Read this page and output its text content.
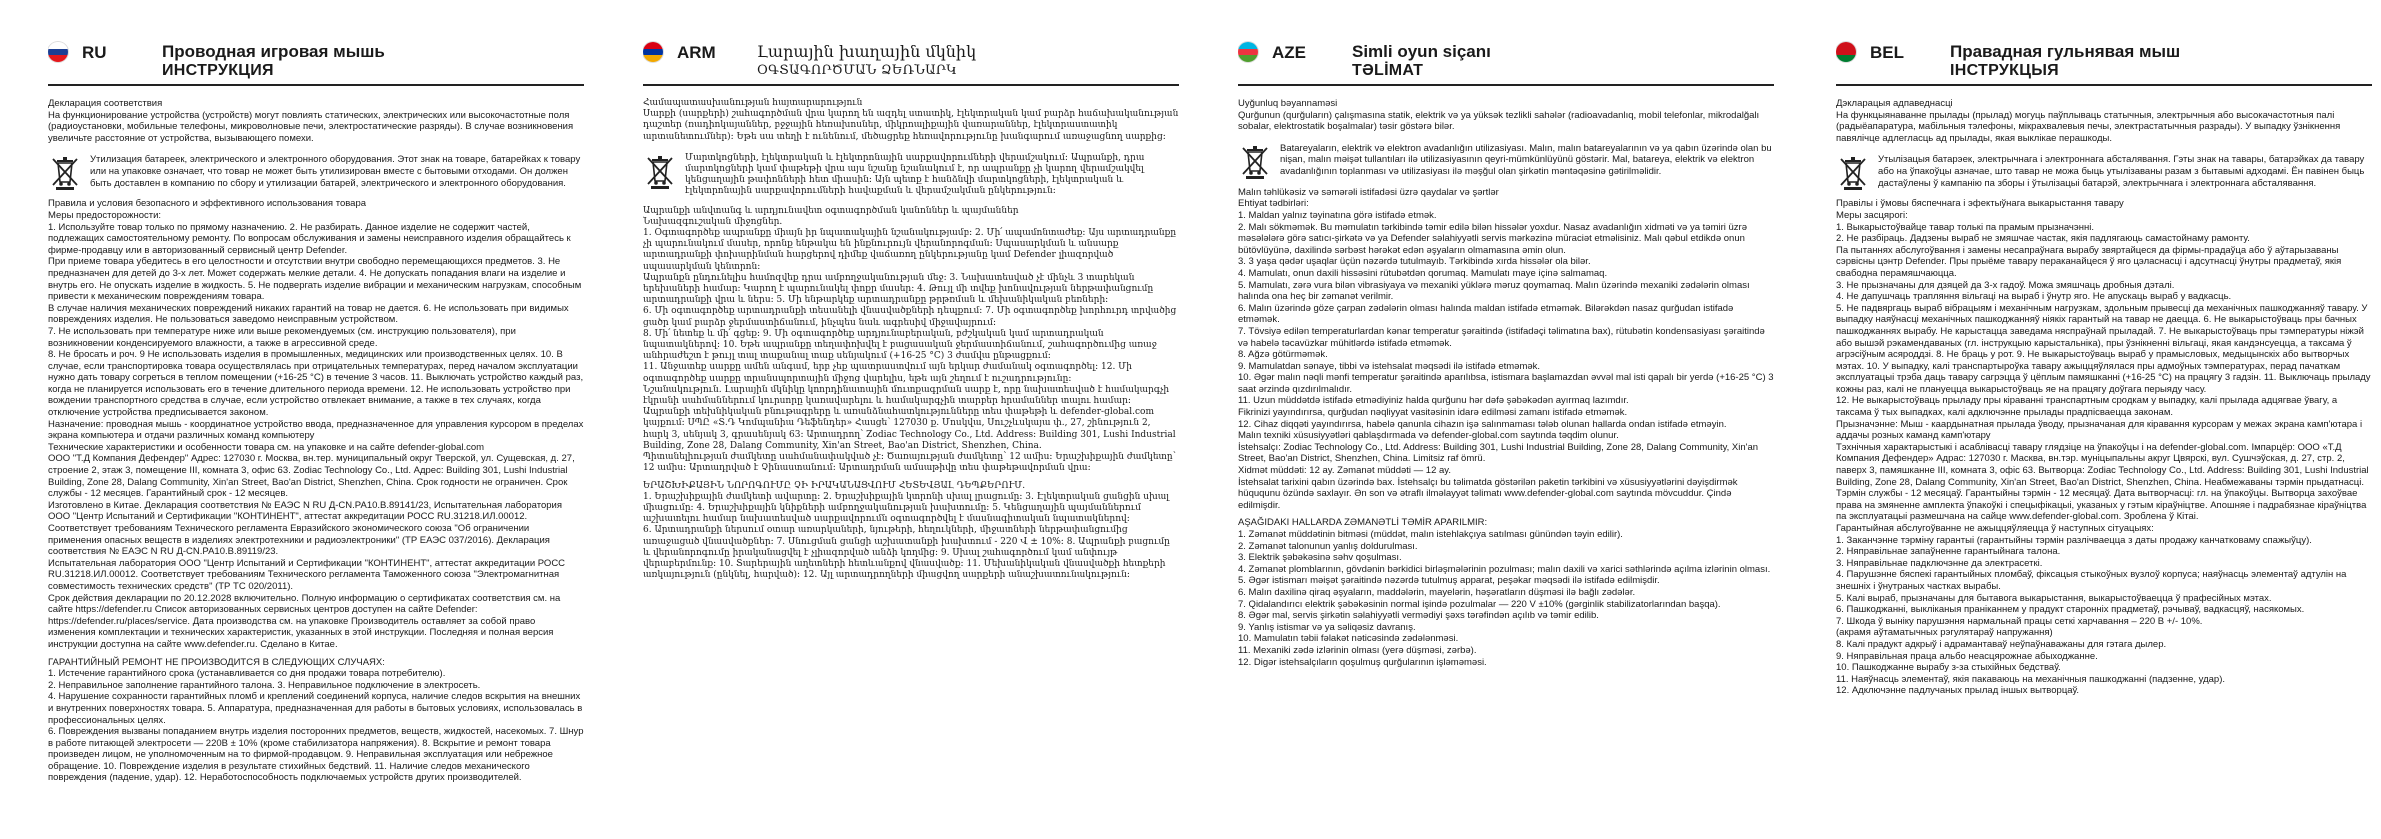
RU	Проводная игровая мышь
ИНСТРУКЦИЯ

Декларация соответствия

На функционирование устройства (устройств) могут повлиять статических, электрических или высокочастотные поля (радиоустановки, мобильные телефоны, микроволновые печи, электростатические разряды). В случае возникновения увеличьте расстояние от устройства, вызывающего помехи.

Утилизация батареек, электрического и электронного оборудования. Этот знак на товаре, батарейках к товару или на упаковке означает, что товар не может быть утилизирован вместе с бытовыми отходами. Он должен быть доставлен в компанию по сбору и утилизации батарей, электрического и электронного оборудования.

Правила и условия безопасного и эффективного использования товара

Меры предосторожности:

1. Используйте товар только по прямому назначению. 2. Не разбирать. Данное изделие не содержит частей, подлежащих самостоятельному ремонту. По вопросам обслуживания и замены неисправного изделия обращайтесь к фирме-продавцу или в авторизованный сервисный центр Defender.

При приеме товара убедитесь в его целостности и отсутствии внутри свободно перемещающихся предметов. 3. Не предназначен для детей до 3-х лет. Может содержать мелкие детали. 4. Не допускать попадания влаги на изделие и внутрь его. Не опускать изделие в жидкость. 5. Не подвергать изделие вибрации и механическим нагрузкам, способным привести к механическим повреждениям товара.

В случае наличия механических повреждений никаких гарантий на товар не дается. 6. Не использовать при видимых повреждениях изделия. Не пользоваться заведомо неисправным устройством.

7. Не использовать при температуре ниже или выше рекомендуемых (см. инструкцию пользователя), при возникновении конденсируемого влажности, а также в агрессивной среде.

8. Не бросать и роч. 9 Не использовать изделия в промышленных, медицинских или производственных целях. 10. В случае, если транспортировка товара осуществлялась при отрицательных температурах, перед началом эксплуатации нужно дать товару согреться в теплом помещении (+16-25 °C) в течение 3 часов. 11. Выключать устройство каждый раз, когда не планируется использовать его в течение длительного периода времени. 12. Не использовать устройство при вождении транспортного средства в случае, если устройство отвлекает внимание, а также в тех случаях, когда отключение устройства предписывается законом.

Назначение: проводная мышь - координатное устройство ввода, предназначенное для управления курсором в пределах экрана компьютера и отдачи различных команд компьютеру

Технические характеристики и особенности товара см. на упаковке и на сайте defender-global.com

ООО "Т.Д Компания Дефендер" Адрес: 127030 г. Москва, вн.тер. муниципальный округ Тверской, ул. Сущевская, д. 27, строение 2, этаж 3, помещение III, комната 3, офис 63. Zodiac Technology Co., Ltd. Адрес: Building 301, Lushi Industrial Building, Zone 28, Dalang Community, Xin'an Street, Bao'an District, Shenzhen, China. Срок годности не ограничен. Срок службы - 12 месяцев. Гарантийный срок - 12 месяцев.

Изготовлено в Китае. Декларация соответствия № ЕАЭС N RU Д-CN.РА10.В.89141/23, Испытательная лаборатория ООО "Центр Испытаний и Сертификации "КОНТИНЕНТ", аттестат аккредитации РОСС RU.31218.ИЛ.00012. Соответствует требованиям Технического регламента Евразийского экономического союза "Об ограничении применения опасных веществ в изделиях электротехники и радиоэлектроники" (ТР ЕАЭС 037/2016). Декларация соответствия № ЕАЭС N RU Д-CN.РА10.В.89119/23.

Испытательная лаборатория ООО "Центр Испытаний и Сертификации "КОНТИНЕНТ", аттестат аккредитации РОСС RU.31218.ИЛ.00012. Соответствует требованиям Технического регламента Таможенного союза "Электромагнитная совместимость технических средств" (ТР ТС 020/2011).

Срок действия декларации по 20.12.2028 включительно. Полную информацию о сертификатах соответствия см. на сайте https://defender.ru Список авторизованных сервисных центров доступен на сайте Defender: https://defender.ru/places/service. Дата производства см. на упаковке Производитель оставляет за собой право изменения комплектации и технических характеристик, указанных в этой инструкции. Последняя и полная версия инструкции доступна на сайте www.defender.ru. Сделано в Китае.

ГАРАНТИЙНЫЙ РЕМОНТ НЕ ПРОИЗВОДИТСЯ В СЛЕДУЮЩИХ СЛУЧАЯХ:

1. Истечение гарантийного срока (устанавливается со дня продажи товара потребителю).

2. Неправильное заполнение гарантийного талона. 3. Неправильное подключение в электросеть.

4. Нарушение сохранности гарантийных пломб и креплений соединений корпуса, наличие следов вскрытия на внешних и внутренних поверхностях товара. 5. Аппаратура, предназначенная для работы в бытовых условиях, использовалась в профессиональных целях.

6. Повреждения вызваны попаданием внутрь изделия посторонних предметов, веществ, жидкостей, насекомых. 7. Шнур в работе питающей электросети — 220В ± 10% (кроме стабилизатора напряжения). 8. Вскрытие и ремонт товара произведен лицом, не уполномоченным на то фирмой-продавцом. 9. Неправильная эксплуатация или небрежное обращение. 10. Повреждение изделия в результате стихийных бедствий. 11. Наличие следов механического повреждения (падение, удар). 12. Неработоспособность подключаемых устройств других производителей.

ARM	Լարային խաղային մկնիկ
ՕԳՏԱԳՈՐԾՄԱՆ ՁԵՌՆԱՐԿ

Համապատասխանության հայտարարություն

Սարքի (սարքերի) շահագործման վրա կարող են ազդել ստատիկ, էլեկտրական կամ բարձր հաճախականության դաշտեր (ռադիոկայաններ, բջջային հեռախոսներ, միկրոալիքային վառարաններ, էլեկտրաստատիկ արտանետումներ)։ Եթե սա տեղի է ունենում, մեծացրեք հեռավորությունը խանգարում առաջացնող սարքից։

Մարտկոցների, էլեկտրական և էլեկտրոնային սարքավորումների վերամշակում։ Ապրանքի, դրա մարտկոցների կամ փաթեթի վրա այս նշանը նշանակում է, որ ապրանքը չի կարող վերամշակվել կենցաղային թափոնների հետ միասին։ Այն պետք է հանձնվի մարտկոցների, էլեկտրական և էլեկտրոնային սարքավորումների հավաքման և վերամշակման ընկերություն։

Ապրանքի անվտանգ և արդյունավետ օգտագործման կանոններ և պայմաններ

Նախազգուշական միջոցներ.

1. Օգտագործեք ապրանքը միայն իր նպատակային նշանակությամբ։ 2. Մի՛ ապամոնտաժեք։ Այս արտադրանքը չի պարունակում մասեր, որոնք ենթակա են ինքնուրույն վերանորոգման։ Սպասարկման և անսարք արտադրանքի փոխարինման հարցերով դիմեք վաճառող ընկերությանը կամ Defender լիազորված սպասարկման կենտրոն։

Ապրանքն ընդունելիս համոզվեք դրա ամբողջականության մեջ։ 3. Նախատեսված չէ մինչև 3 տարեկան երեխաների համար։ Կարող է պարունակել փոքր մասեր։ 4. Թույլ մի տվեք խոնավության ներթափանցումը արտադրանքի վրա և ներս։ 5. Մի ենթարկեք արտադրանքը թրթռման և մեխանիկական բեռների։

6. Մի օգտագործեք արտադրանքի տեսանելի վնասվածքների դեպքում։ 7. Մի օգտագործեք խորհուրդ տրվածից ցածր կամ բարձր ջերմաստիճանում, ինչպես նաև ագրեսիվ միջավայրում։

8. Մի՛ նետեք և մի՛ գցեք։ 9. Մի օգտագործեք արդյունաբերական, բժշկական կամ արտադրական նպատակներով։ 10. Եթե ապրանքը տեղափոխվել է բացասական ջերմաստիճանում, շահագործումից առաջ անհրաժեշտ է թույլ տալ տաքանալ տաք սենյակում (+16-25 °C) 3 ժամվա ընթացքում։

11. Անջատեք սարքը ամեն անգամ, երբ չեք պատրաստվում այն երկար ժամանակ օգտագործել։ 12. Մի օգտագործեք սարքը տրանսպորտային միջոց վարելիս, եթե այն շեղում է ուշադրությունը։

Նշանակություն. Լարային մկնիկը կոորդինատային մուտքագրման սարք է, որը նախատեսված է համակարգչի էկրանի սահմաններում կուրսորը կառավարելու և համակարգչին տարբեր հրամաններ տալու համար։

Ապրանքի տեխնիկական բնութագրերը և առանձնահատկությունները տես փաթեթի և defender-global.com կայքում։ ՍՊԸ «Տ.Դ Կոմպանիա Դեֆենդեր» Հասցե՝ 127030 ք. Մոսկվա, Սուշչևսկայա փ., 27, շինություն 2, հարկ 3, սենյակ 3, գրասենյակ 63։ Արտադրող՝ Zodiac Technology Co., Ltd. Address: Building 301, Lushi Industrial Building, Zone 28, Dalang Community, Xin'an Street, Bao'an District, Shenzhen, China.

Պիտանելիության ժամկետը սահմանափակված չէ։ Ծառայության ժամկետը՝ 12 ամիս։ Երաշխիքային ժամկետը՝ 12 ամիս։ Արտադրված է Չինաստանում։ Արտադրման ամսաթիվը տես փաթեթավորման վրա։

ԵՐԱՇԽԻՔԱՅԻՆ ՆՈՐՈԳՈՒՄԸ ՉԻ ԻՐԱԿԱՆԱՑՎՈՒՄ ՀԵՏԵՎՅԱԼ ԴԵՊՔԵՐՈՒՄ.

1. Երաշխիքային ժամկետի ավարտը։ 2. Երաշխիքային կտրոնի սխալ լրացումը։ 3. Էլեկտրական ցանցին սխալ միացումը։ 4. Երաշխիքային կնիքների ամբողջականության խախտումը։ 5. Կենցաղային պայմաններում աշխատելու համար նախատեսված սարքավորումն օգտագործվել է մասնագիտական նպատակներով։

6. Արտադրանքի ներսում օտար առարկաների, նյութերի, հեղուկների, միջատների ներթափանցումից առաջացած վնասվածքներ։ 7. Սնուցման ցանցի աշխատանքի խախտում - 220 Վ ± 10%։ 8. Ապրանքի բացումը և վերանորոգումը իրականացվել է չլիազորված անձի կողմից։ 9. Սխալ շահագործում կամ անփույթ վերաբերմունք։ 10. Տարերային աղետների հետևանքով վնասվածք։ 11. Մեխանիկական վնասվածքի հետքերի առկայություն (ընկնել, հարված)։ 12. Այլ արտադրողների միացվող սարքերի անաշխատունակություն։

AZE	Simli oyun siçanı
TƏLİMAT

Uyğunluq bəyannaməsi

Qurğunun (qurğuların) çalışmasına statik, elektrik və ya yüksək tezlikli sahələr (radioavadanlıq, mobil telefonlar, mikrodalğalı sobalar, elektrostatik boşalmalar) təsir göstərə bilər.

Batareyaların, elektrik və elektron avadanlığın utilizasiyası. Malın, malın batareyalarının və ya qabın üzərində olan bu nişan, malın məişət tullantıları ilə utilizasiyasının qeyri-mümkünlüyünü göstərir. Mal, batareya, elektrik və elektron avadanlığının toplanması və utilizasiyası ilə məşğul olan şirkətin məntəqəsinə gətirilməlidir.

Malın təhlükəsiz və səmərəli istifadəsi üzrə qaydalar və şərtlər

Ehtiyat tədbirləri:

1. Maldan yalnız təyinatına görə istifadə etmək.

2. Malı sökməmək. Bu məmulatın tərkibində təmir edilə bilən hissələr yoxdur. Nasaz avadanlığın xidməti və ya təmiri üzrə məsələlərə görə satıcı-şirkətə və ya Defender səlahiyyətli servis mərkəzinə müraciət etməlisiniz. Malı qəbul etdikdə onun bütövlüyünə, daxilində sərbəst hərəkət edən əşyaların olmamasına əmin olun.

3. 3 yaşa qədər uşaqlar üçün nəzərdə tutulmayıb. Tərkibində xırda hissələr ola bilər.

4. Mamulatı, onun daxili hissəsini rütubətdən qorumaq. Mamulatı maye içinə salmamaq.

5. Mamulatı, zərə vura bilən vibrasiyaya və mexaniki yüklərə məruz qoymamaq. Malın üzərində mexaniki zədələrin olması halında ona heç bir zəmanət verilmir.

6. Malın üzərində göze çarpan zədələrin olması halında maldan istifadə etməmək. Bilərəkdən nasaz qurğudan istifadə etməmək.

7. Tövsiyə edilən temperaturlardan kənar temperatur şəraitində (istifadəçi təlimatına bax), rütubətin kondensasiyası şəraitində və habelə təcavüzkar mühitlərdə istifadə etməmək.

8. Ağzə götürməmək.

9. Mamulatdan sənaye, tibbi və istehsalat məqsədi ilə istifadə etməmək.

10. Əgər malın nəqli mənfi temperatur şəraitində aparılıbsa, istismara başlamazdan əvvəl mal isti qapalı bir yerdə (+16-25 °C) 3 saat ərzində qızdırılmalıdır.

11. Uzun müddətdə istifadə etmədiyiniz halda qurğunu hər dəfə şəbəkədən ayırmaq lazımdır.

Fikrinizi yayındırırsa, qurğudan nəqliyyat vasitəsinin idarə edilməsi zamanı istifadə etməmək.

12. Cihaz diqqəti yayındırırsa, habelə qanunla cihazın işə salınmaması tələb olunan hallarda ondan istifadə etməyin.

Malın texniki xüsusiyyətləri qablaşdırmada və defender-global.com saytında təqdim olunur.

İstehsalçı: Zodiac Technology Co., Ltd. Address: Building 301, Lushi Industrial Building, Zone 28, Dalang Community, Xin'an Street, Bao'an District, Shenzhen, China. Limitsiz raf ömrü.

Xidmət müddəti: 12 ay. Zəmanət müddəti — 12 ay.

İstehsalat tarixini qabın üzərində bax. İstehsalçı bu təlimatda göstərilən paketin tərkibini və xüsusiyyətlərini dəyişdirmək hüququnu özündə saxlayır. Ən son və ətraflı ilməlayyət təlimatı www.defender-global.com saytında mövcuddur. Çində edilmişdir.

AŞAĞIDAKI HALLARDA ZƏMANƏTLİ TƏMİR APARILMIR:

1. Zəmanət müddətinin bitməsi (müddət, malın istehlakçıya satılması günündən təyin edilir).

2. Zəmanət talonunun yanlış doldurulması.

3. Elektrik şəbəkəsinə səhv qoşulması.

4. Zəmanət plomblarının, gövdənin bərkidici birləşmələrinin pozulması; malın daxili və xarici səthlərində açılma izlərinin olması.

5. Əgər istismarı məişət şəraitində nəzərdə tutulmuş apparat, peşəkar məqsədi ilə istifadə edilmişdir.

6. Malın daxilinə qiraq əşyaların, maddələrin, mayelərin, həşəratların düşməsi ilə bağlı zədələr.

7. Qidalandırıcı elektrik şəbəkəsinin normal işində pozulmalar — 220 V ±10% (gərginlik stabilizatorlarından başqa).

8. Əgər mal, servis şirkətin səlahiyyətli vermədiyi şəxs tərəfindən açılıb və təmir edilib.

9. Yanlış istismar və ya səliqəsiz davranış.

10. Mamulatın təbii fəlakət nəticəsində zədələnməsi.

11. Mexaniki zədə izlərinin olması (yerə düşməsi, zərbə).

12. Digər istehsalçıların qoşulmuş qurğularının işləməməsi.

BEL	Правадная гульнявая мыш
ІНСТРУКЦЫЯ

Дэкларацыя адпаведнасці

На функцыянаванне прылады (прылад) могуць паўплываць статычныя, электрычныя або высокачастотныя палі (радыёапаратура, мабільныя тэлефоны, мікрахвалевыя печы, электрастатычныя разрады). У выпадку ўзнікнення павялічце адлегласць ад прылады, якая выклікае перашкоды.

Утылізацыя батарэек, электрычнага і электроннага абсталявання. Гэты знак на тавары, батарэйках да тавару або на ўпакоўцы азначае, што тавар не можа быць утылізаваны разам з бытавымі адходамі. Ён павінен быць дастаўлены ў кампанію па зборы і ўтылізацыі батарэй, электрычнага і электроннага абсталявання.

Правілы і ўмовы бяспечнага і эфектыўнага выкарыстання тавару

Меры засцярогі:

1. Выкарыстоўвайце тавар толькі па прамым прызначэнні.

2. Не разбіраць. Дадзены выраб не змяшчае частак, якія падлягаюць самастойнаму рамонту.

Па пытаннях абслугоўвання і замены несапраўнага вырабу звяртайцеся да фірмы-прадаўца або ў аўтарызаваны сэрвісны цэнтр Defender. Пры прыёме тавару пераканайцеся ў яго цэласнасці і адсутнасці ўнутры прадметаў, якія свабодна перамяшчаюцца.

3. Не прызначаны для дзяцей да 3-х гадоў. Можа змяшчаць дробныя дэталі.

4. Не дапушчаць трапляння вільгаці на выраб і ўнутр яго. Не апускаць выраб у вадкасць.

5. Не падвяргаць выраб вібрацыям і механічным нагрузкам, здольным прывесці да механічных пашкоджанняў тавару. У выпадку наяўнасці механічных пашкоджанняў ніякіх гарантый на тавар не даецца. 6. Не выкарыстоўваць пры бачных пашкоджаннях вырабу. Не карыстацца заведама няспраўнай прыладай. 7. Не выкарыстоўваць пры тэмпературы ніжэй або вышэй рэкамендаваных (гл. інструкцыю карыстальніка), пры ўзнікненні вільгаці, якая кандэнсуецца, а таксама ў агрэсіўным асяроддзі. 8. Не браць у рот. 9. Не выкарыстоўваць выраб у прамысловых, медыцынскіх або вытворчых мэтах. 10. У выпадку, калі транспартыроўка тавару ажыццяўлялася пры адмоўных тэмпературах, перад пачаткам эксплуатацыі трэба даць тавару сагрэцца ў цёплым памяшканні (+16-25 °C) на працягу 3 гадзін. 11. Выключаць прыладу кожны раз, калі не плануецца выкарыстоўваць яе на працягу доўгага перыяду часу.

12. Не выкарыстоўваць прыладу пры кіраванні транспартным сродкам у выпадку, калі прылада адцягвае ўвагу, а таксама ў тых выпадках, калі адключэнне прылады прадпісваецца законам.

Прызначэнне: Мыш - каардынатная прылада ўводу, прызначаная для кіравання курсорам у межах экрана камп'ютара і аддачы розных каманд камп'ютару

Тэхнічныя характарыстыкі і асаблівасці тавару глядзіце на ўпакоўцы і на defender-global.com. Імпарцёр: ООО «Т.Д Компания Дефендер» Адрас: 127030 г. Масква, вн.тэр. муніцыпальны акруг Цвярскі, вул. Сушчэўская, д. 27, стр. 2, паверх 3, памяшканне III, комната 3, офіс 63. Вытворца: Zodiac Technology Co., Ltd. Address: Building 301, Lushi Industrial Building, Zone 28, Dalang Community, Xin'an Street, Bao'an District, Shenzhen, China. Неабмежаваны тэрмін прыдатнасці.

Тэрмін службы - 12 месяцаў. Гарантыйны тэрмін - 12 месяцаў. Дата вытворчасці: гл. на ўпакоўцы. Вытворца захоўвае права на змяненне амплекта ўпакоўкі і спецыфікацыі, указаных у гэтым кіраўніцтве. Апошняе і падрабязнае кіраўніцтва па эксплуатацыі размешчана на сайце www.defender-global.com. Зроблена ў Кітаі.

Гарантыйная абслугоўванне не ажыццяўляецца ў наступных сітуацыях:

1. Заканчэнне тэрміну гарантыі (гарантыйны тэрмін разлічваецца з даты продажу канчатковаму спажыўцу).

2. Няправільнае запаўненне гарантыйнага талона.

3. Няправільнае падключэнне да электрасеткі.

4. Парушэнне бяспекі гарантыйных пломбаў, фіксацыя стыкоўных вузлоў корпуса; наяўнасць элементаў адтулін на знешніх і ўнутраных частках вырабы.

5. Калі выраб, прызначаны для бытавога выкарыстання, выкарыстоўваецца ў прафесійных мэтах.

6. Пашкоджанні, выкліканыя праніканнем у прадукт старонніх прадметаў, рэчываў, вадкасцяў, насякомых.

7. Шкода ў выніку парушэння нармальнай працы сеткі харчавання – 220 В +/- 10%.

(акрамя аўтаматычных рэгулятараў напружання)

8. Калі прадукт адкрыў і адрамантаваў неўпаўнаважаны для гэтага дылер.

9. Няправільная праца альбо неасцярожнае абыходжанне.

10. Пашкоджанне вырабу з-за стыхійных бедстваў.

11. Наяўнасць элементаў, якія пакаваюць на механічныя пашкоджанні (падзенне, удар).

12. Адключэнне падлучаных прылад іншых вытворцаў.
